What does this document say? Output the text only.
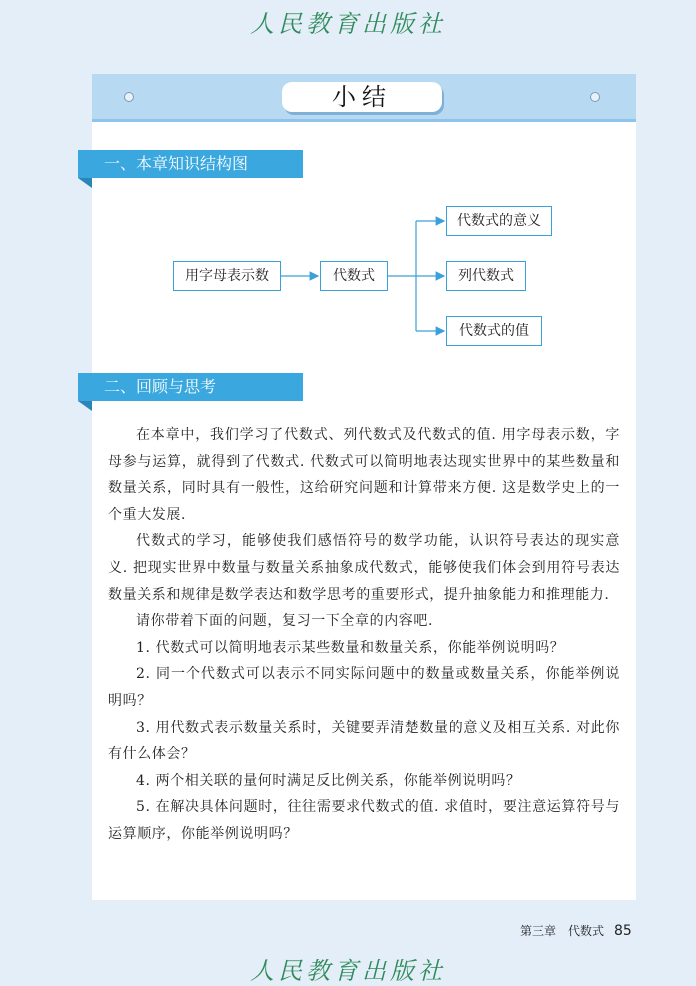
人民教育出版社
小结
一、本章知识结构图
用字母表示数	代数式
代数式的意义
列代数式
代数式的值
二、回顾与思考

在本章中，我们学习了代数式、列代数式及代数式的值. 用字母表示数，字母参与运算，就得到了代数式. 代数式可以简明地表达现实世界中的某些数量和数量关系，同时具有一般性，这给研究问题和计算带来方便. 这是数学史上的一个重大发展.

代数式的学习，能够使我们感悟符号的数学功能，认识符号表达的现实意义. 把现实世界中数量与数量关系抽象成代数式，能够使我们体会到用符号表达数量关系和规律是数学表达和数学思考的重要形式，提升抽象能力和推理能力.

请你带着下面的问题，复习一下全章的内容吧.

1. 代数式可以简明地表示某些数量和数量关系，你能举例说明吗？

2. 同一个代数式可以表示不同实际问题中的数量或数量关系，你能举例说明吗？

3. 用代数式表示数量关系时，关键要弄清楚数量的意义及相互关系. 对此你有什么体会？

4. 两个相关联的量何时满足反比例关系，你能举例说明吗？

5. 在解决具体问题时，往往需要求代数式的值. 求值时，要注意运算符号与运算顺序，你能举例说明吗？

第三章　代数式 85
人民教育出版社
